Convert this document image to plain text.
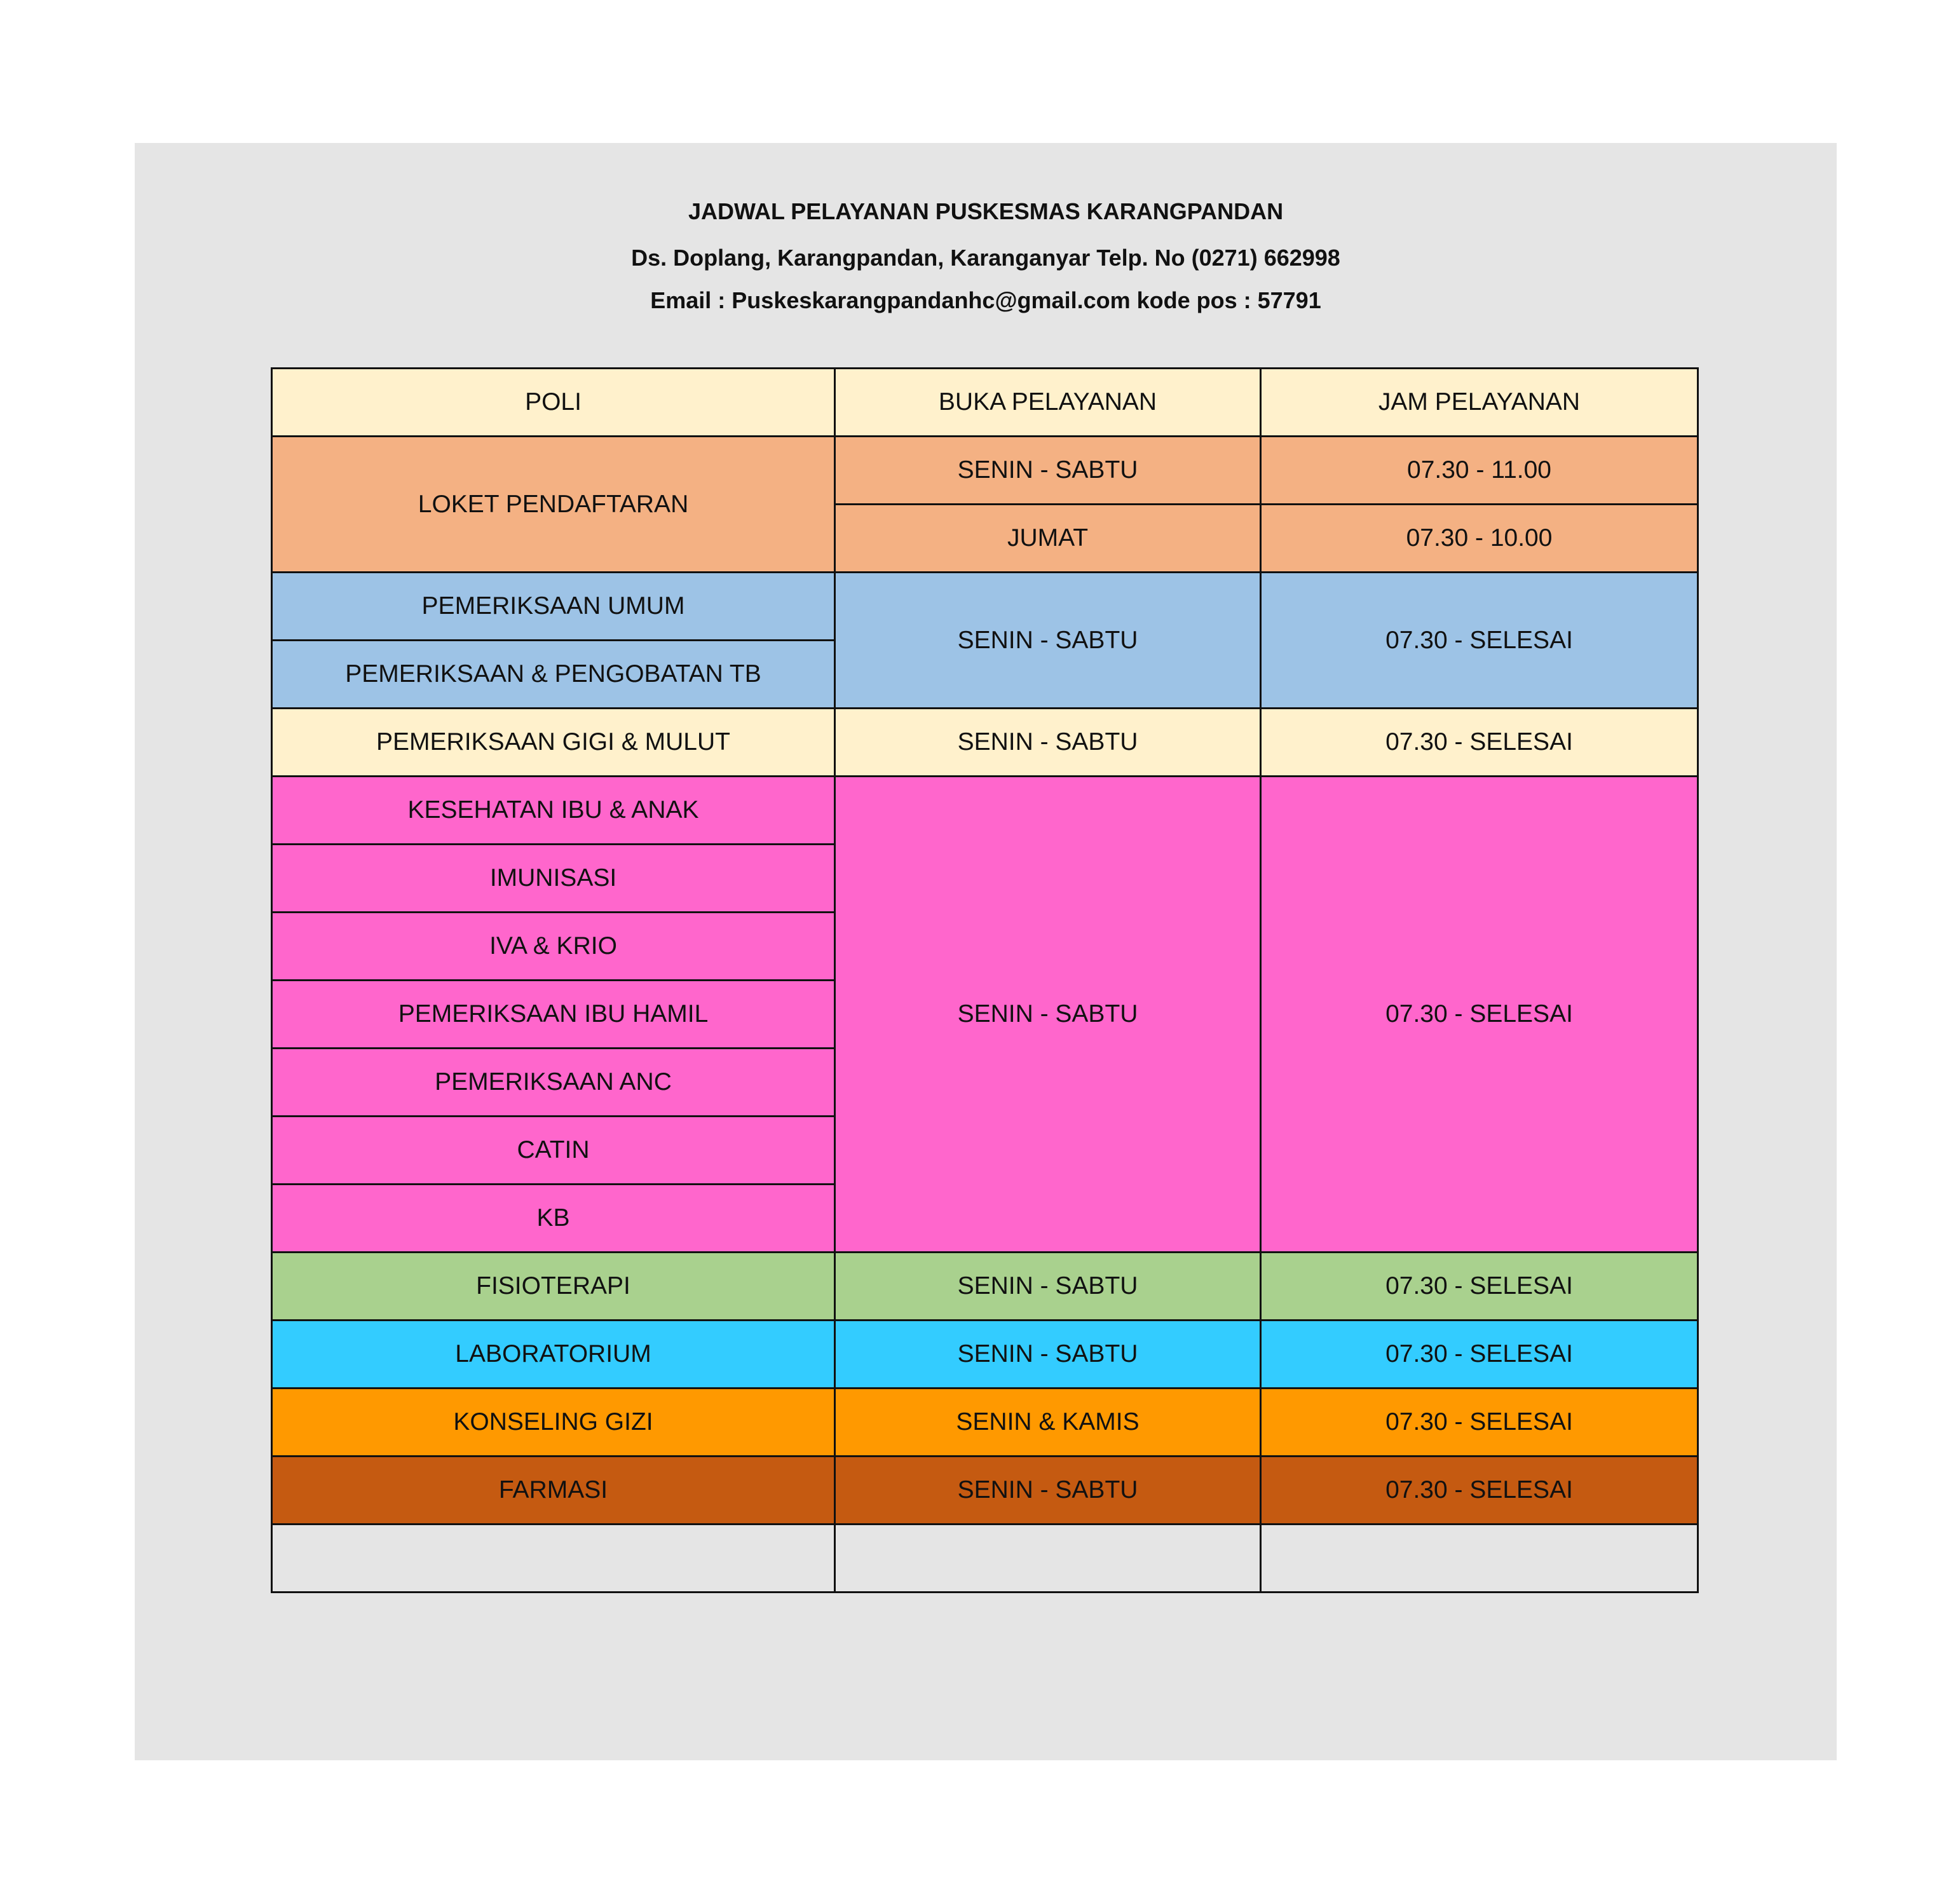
JADWAL PELAYANAN PUSKESMAS KARANGPANDAN
Ds. Doplang, Karangpandan, Karanganyar Telp. No (0271) 662998
Email : Puskeskarangpandanhc@gmail.com kode pos : 57791
POLI	BUKA PELAYANAN	JAM PELAYANAN
LOKET PENDAFTARAN	SENIN - SABTU	07.30 - 11.00
	JUMAT	07.30 - 10.00
PEMERIKSAAN UMUM	SENIN - SABTU	07.30 - SELESAI
PEMERIKSAAN & PENGOBATAN TB		
PEMERIKSAAN GIGI & MULUT	SENIN - SABTU	07.30 - SELESAI
KESEHATAN IBU & ANAK	SENIN - SABTU	07.30 - SELESAI
IMUNISASI		
IVA & KRIO		
PEMERIKSAAN IBU HAMIL		
PEMERIKSAAN ANC		
CATIN		
KB		
FISIOTERAPI	SENIN - SABTU	07.30 - SELESAI
LABORATORIUM	SENIN - SABTU	07.30 - SELESAI
KONSELING GIZI	SENIN & KAMIS	07.30 - SELESAI
FARMASI	SENIN - SABTU	07.30 - SELESAI
